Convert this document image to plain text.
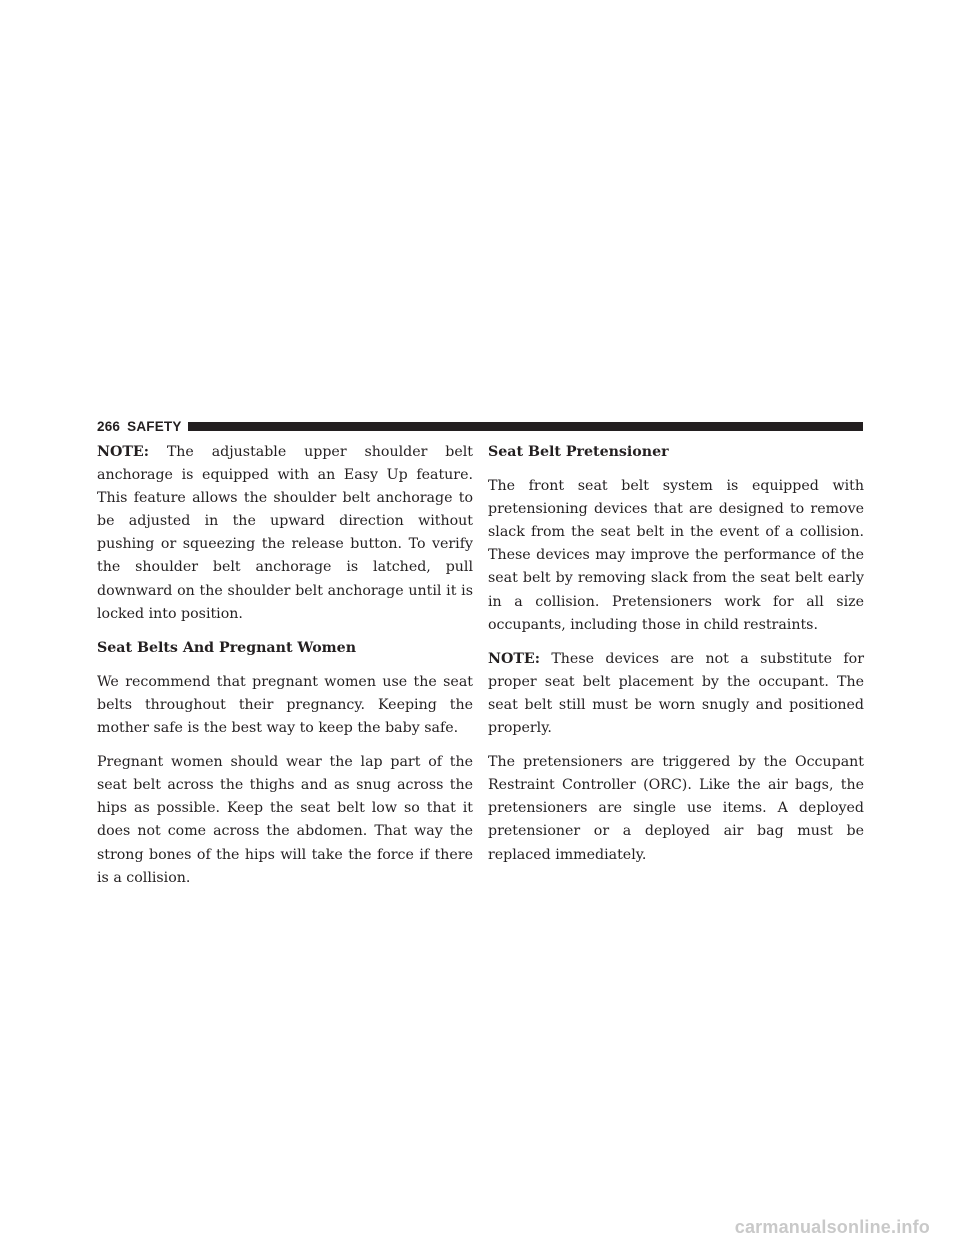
266 SAFETY

NOTE: The adjustable upper shoulder belt anchorage is equipped with an Easy Up feature. This feature allows the shoulder belt anchorage to be adjusted in the upward direction without pushing or squeezing the release button. To verify the shoulder belt anchorage is latched, pull downward on the shoulder belt anchorage until it is locked into position.

Seat Belts And Pregnant Women

We recommend that pregnant women use the seat belts throughout their pregnancy. Keeping the mother safe is the best way to keep the baby safe.

Pregnant women should wear the lap part of the seat belt across the thighs and as snug across the hips as possible. Keep the seat belt low so that it does not come across the abdomen. That way the strong bones of the hips will take the force if there is a collision.

Seat Belt Pretensioner

The front seat belt system is equipped with pretensioning devices that are designed to remove slack from the seat belt in the event of a collision. These devices may improve the performance of the seat belt by removing slack from the seat belt early in a collision. Pretensioners work for all size occupants, including those in child restraints.

NOTE: These devices are not a substitute for proper seat belt placement by the occupant. The seat belt still must be worn snugly and positioned properly.

The pretensioners are triggered by the Occupant Restraint Controller (ORC). Like the air bags, the pretensioners are single use items. A deployed pretensioner or a deployed air bag must be replaced immediately.

carmanualsonline.info
